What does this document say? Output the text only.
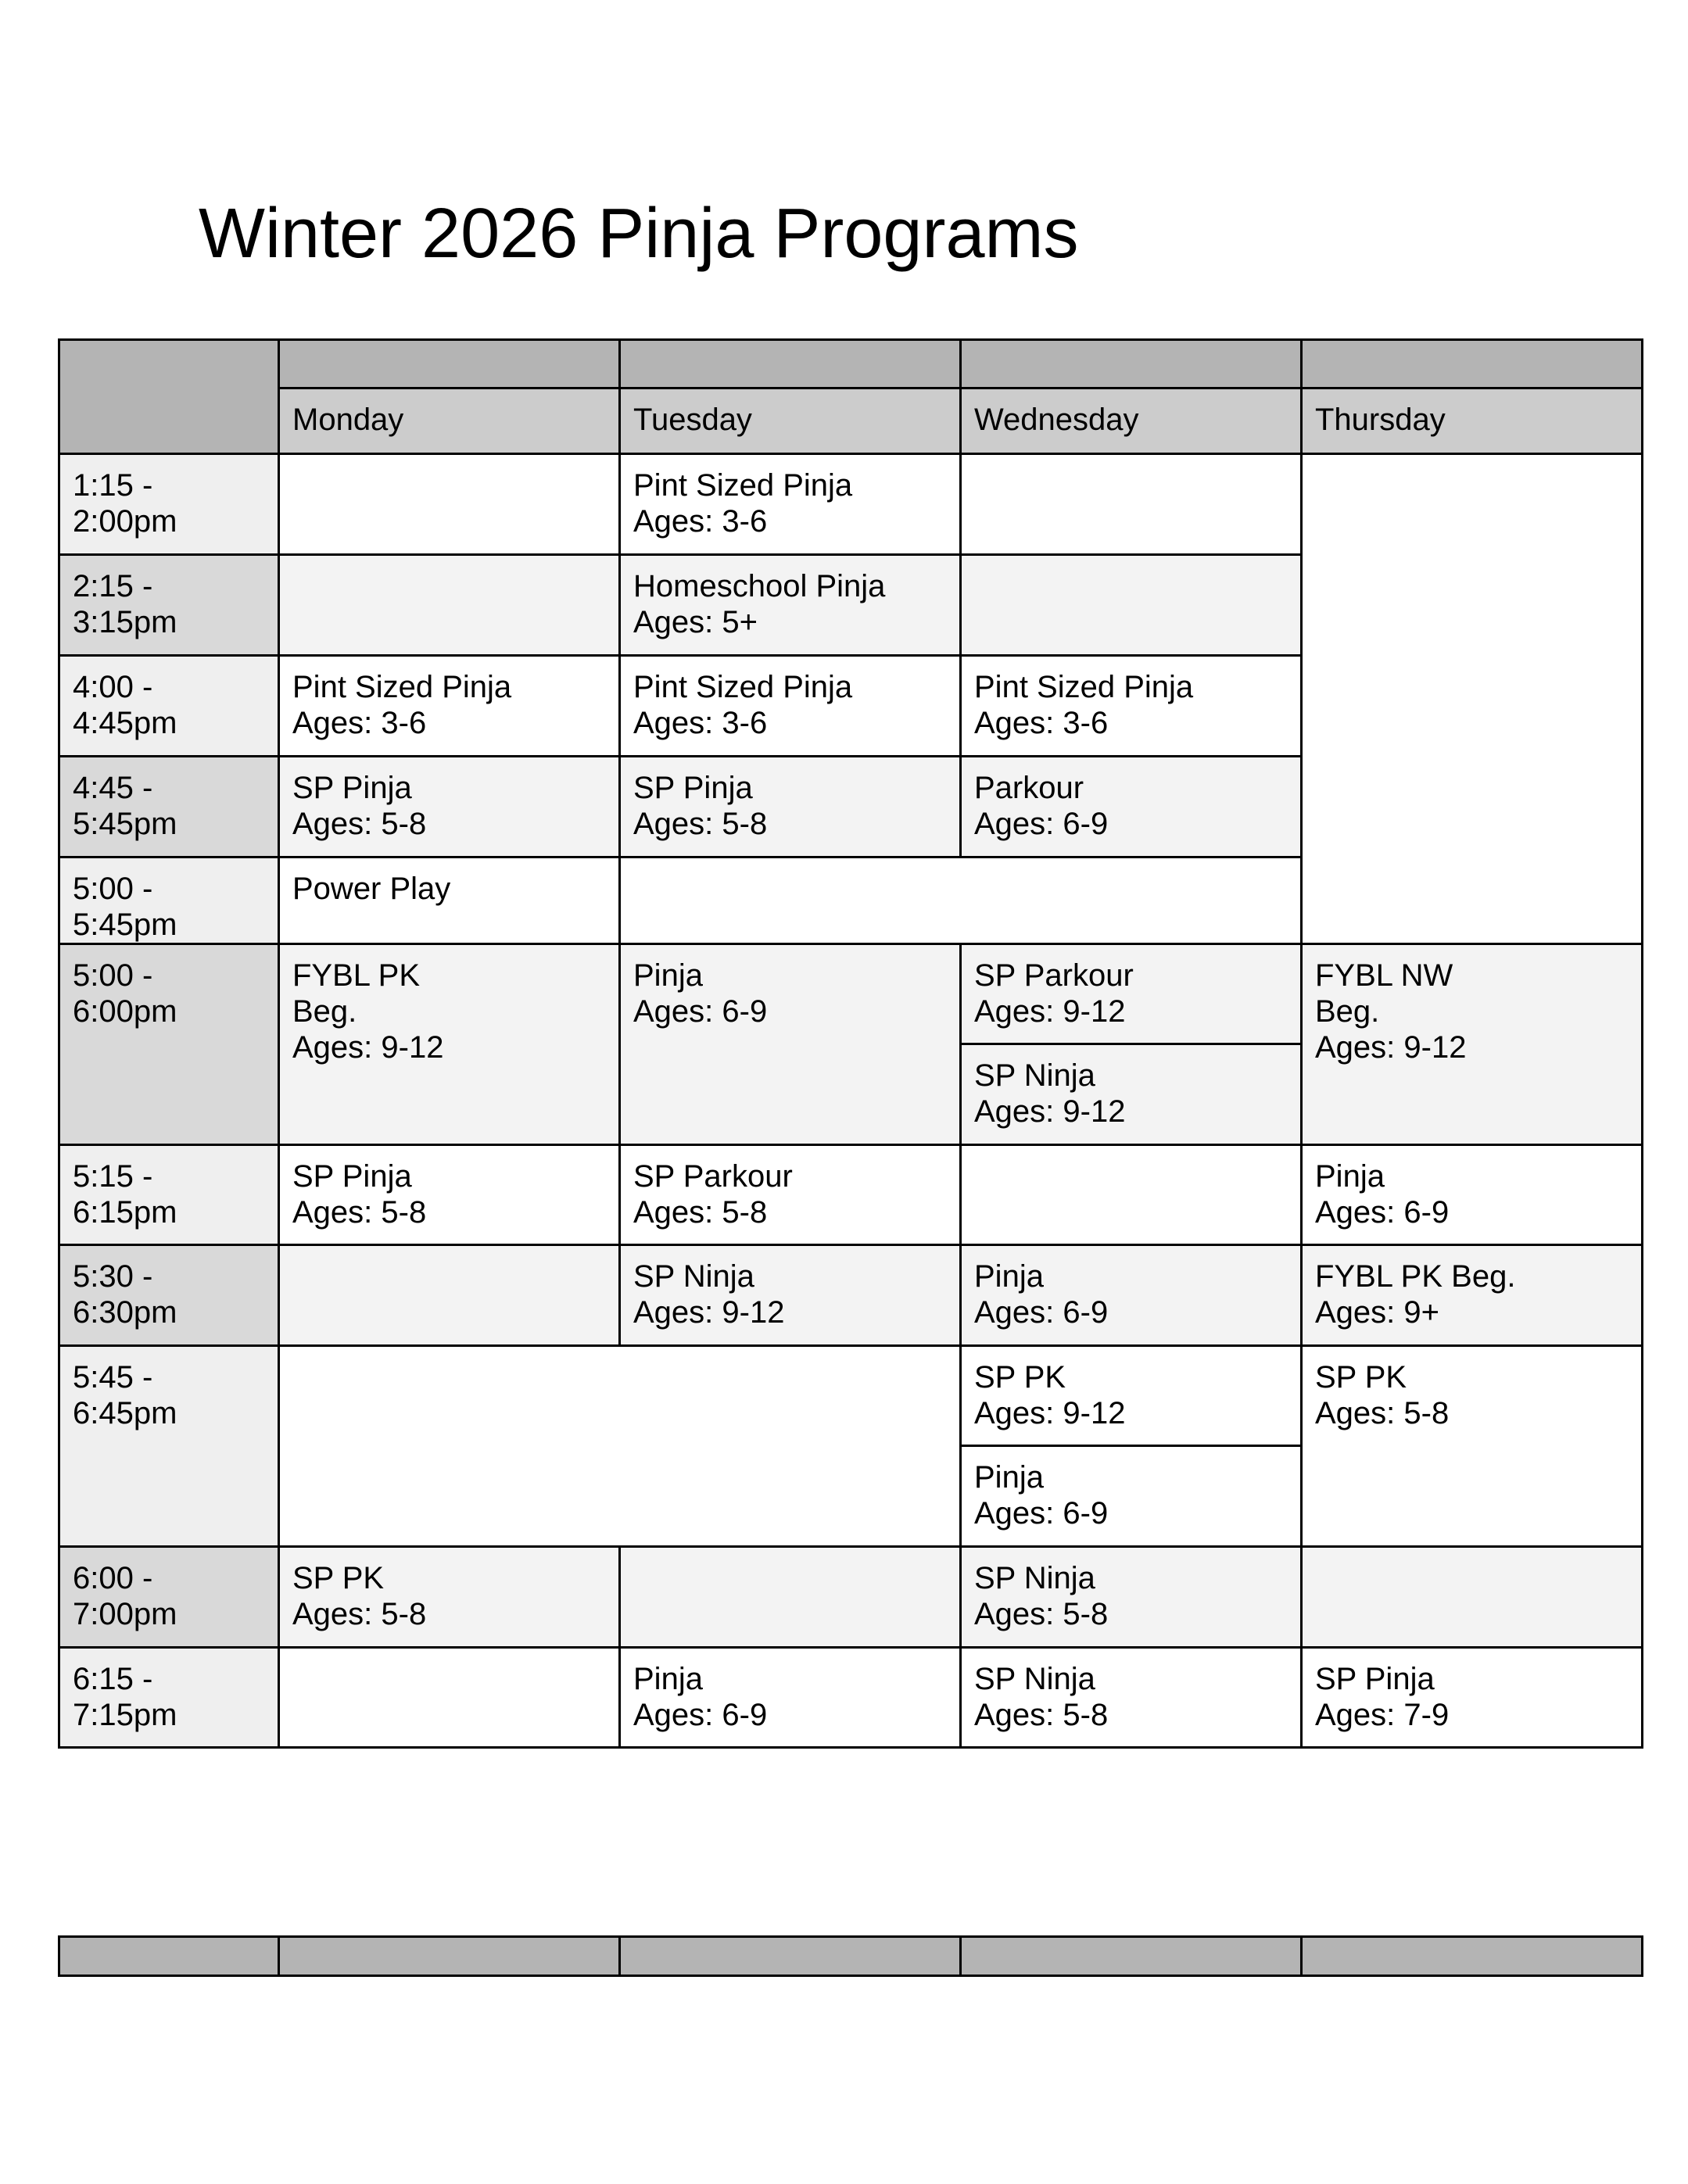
Winter 2026 Pinja Programs

	Monday	Tuesday	Wednesday	Thursday
1:15 - 2:00pm		Pint Sized Pinja
Ages: 3-6		

2:15 - 3:15pm		Homeschool Pinja
Ages: 5+		

4:00 - 4:45pm	Pint Sized Pinja
Ages: 3-6	Pint Sized Pinja
Ages: 3-6	Pint Sized Pinja
Ages: 3-6	

4:45 - 5:45pm	SP Pinja
Ages: 5-8	SP Pinja
Ages: 5-8	Parkour
Ages: 6-9	

5:00 - 5:45pm	Power Play			

5:00 - 6:00pm	FYBL PK
Beg.
Ages: 9-12	Pinja
Ages: 6-9	SP Parkour
Ages: 9-12	FYBL NW
Beg.
Ages: 9-12

			SP Ninja
Ages: 9-12	

5:15 - 6:15pm	SP Pinja
Ages: 5-8	SP Parkour
Ages: 5-8		Pinja
Ages: 6-9

5:30 - 6:30pm		SP Ninja
Ages: 9-12	Pinja
Ages: 6-9	FYBL PK Beg.
Ages: 9+

5:45 - 6:45pm			SP PK
Ages: 9-12	SP PK
Ages: 5-8

			Pinja
Ages: 6-9	

6:00 - 7:00pm	SP PK
Ages: 5-8		SP Ninja
Ages: 5-8	

6:15 - 7:15pm		Pinja
Ages: 6-9	SP Ninja
Ages: 5-8	SP Pinja
Ages: 7-9
